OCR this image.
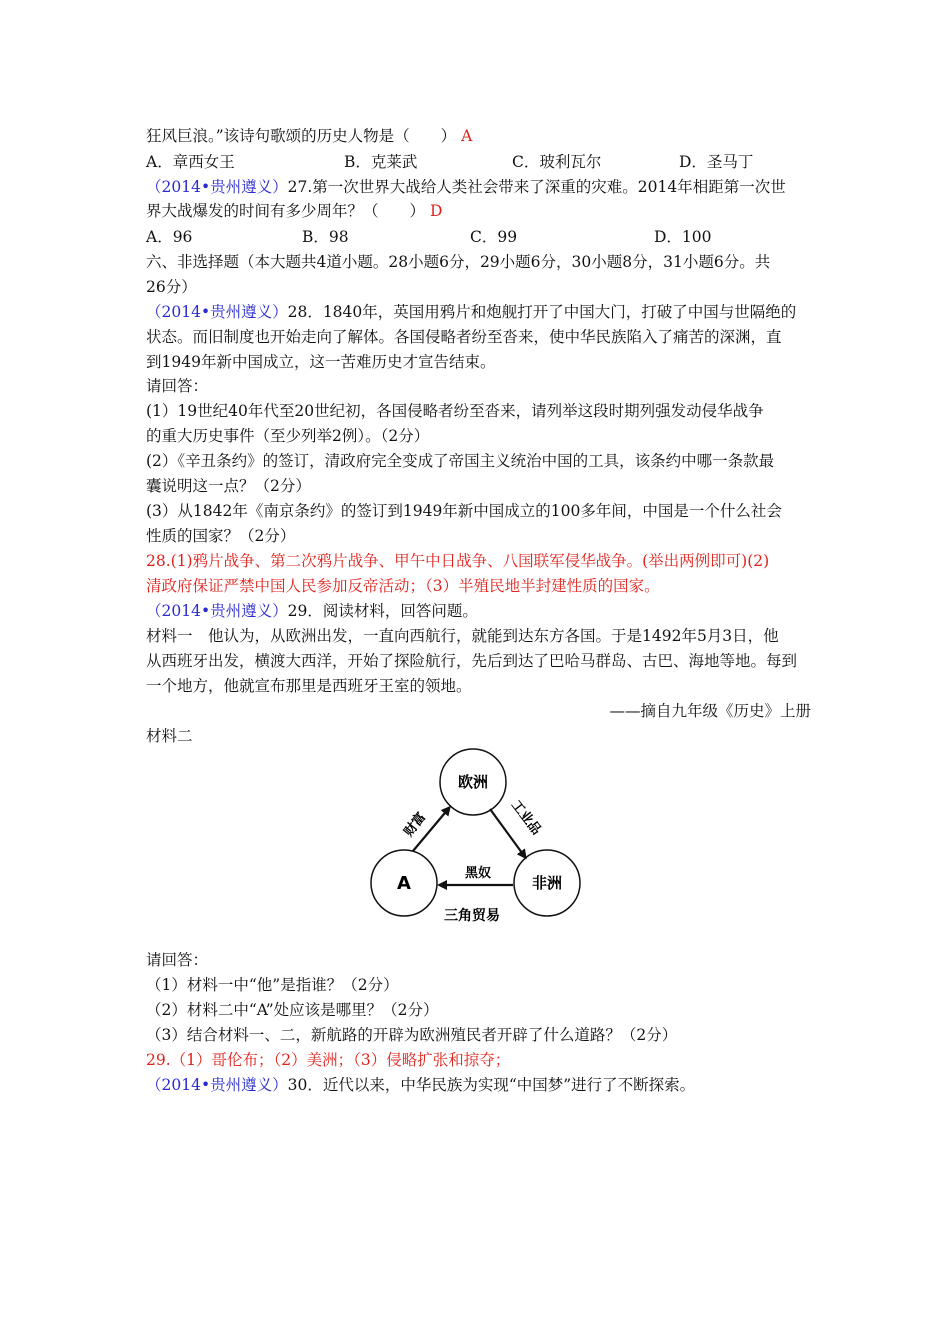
狂风巨浪。”该诗句歌颂的历史人物是（　　） A
A．章西女王	B．克莱武	C．玻利瓦尔	D．圣马丁
（2014•贵州遵义）27.第一次世界大战给人类社会带来了深重的灾难。2014年相距第一次世
界大战爆发的时间有多少周年？（　　） D
A．96	B．98	C．99	D．100
六、非选择题（本大题共4道小题。28小题6分，29小题6分，30小题8分，31小题6分。共
26分）
（2014•贵州遵义）28．1840年，英国用鸦片和炮舰打开了中国大门，打破了中国与世隔绝的
状态。而旧制度也开始走向了解体。各国侵略者纷至沓来，使中华民族陷入了痛苦的深渊，直
到1949年新中国成立，这一苦难历史才宣告结束。
请回答：
(1）19世纪40年代至20世纪初，各国侵略者纷至沓来，请列举这段时期列强发动侵华战争
的重大历史事件（至少列举2例）。（2分）
(2）《辛丑条约》的签订，清政府完全变成了帝国主义统治中国的工具，该条约中哪一条款最
囊说明这一点？（2分）
(3）从1842年《南京条约》的签订到1949年新中国成立的100多年间，中国是一个什么社会
性质的国家？（2分）
28.(1)鸦片战争、第二次鸦片战争、甲午中日战争、八国联军侵华战争。(举出两例即可)(2)
清政府保证严禁中国人民参加反帝活动；（3）半殖民地半封建性质的国家。
（2014•贵州遵义）29．阅读材料，回答问题。
材料一　他认为，从欧洲出发，一直向西航行，就能到达东方各国。于是1492年5月3日，他
从西班牙出发，横渡大西洋，开始了探险航行，先后到达了巴哈马群岛、古巴、海地等地。每到
一个地方，他就宣布那里是西班牙王室的领地。
——摘自九年级《历史》上册
材料二
欧洲
A	非洲
财富	工业品
黑奴
三角贸易
请回答：
（1）材料一中“他”是指谁？（2分）
（2）材料二中“A”处应该是哪里？（2分）
（3）结合材料一、二，新航路的开辟为欧洲殖民者开辟了什么道路？（2分）
29.（1）哥伦布；（2）美洲；（3）侵略扩张和掠夺；
（2014•贵州遵义）30．近代以来，中华民族为实现“中国梦”进行了不断探索。
